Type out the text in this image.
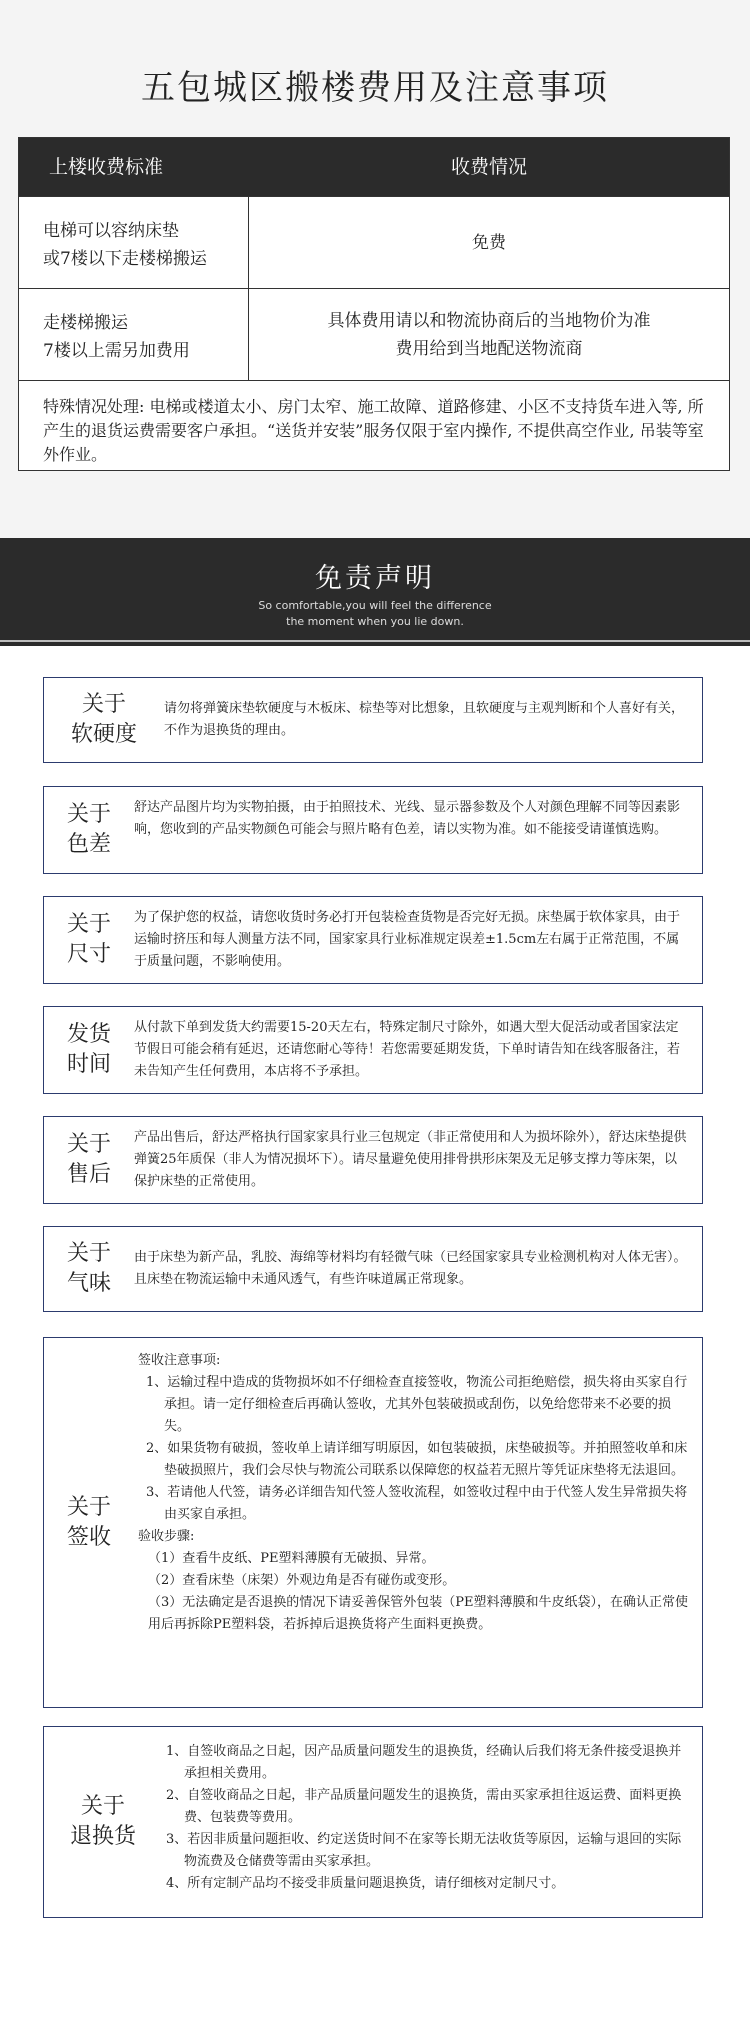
五包城区搬楼费用及注意事项
上楼收费标准	收费情况
电梯可以容纳床垫
或7楼以下走楼梯搬运
免费
走楼梯搬运
7楼以上需另加费用
具体费用请以和物流协商后的当地物价为准
费用给到当地配送物流商
特殊情况处理: 电梯或楼道太小、房门太窄、施工故障、道路修建、小区不支持货车进入等, 所产生的退货运费需要客户承担。“送货并安装”服务仅限于室内操作, 不提供高空作业, 吊装等室外作业。
免责声明
So comfortable,you will feel the difference
the moment when you lie down.
关于
软硬度
请勿将弹簧床垫软硬度与木板床、棕垫等对比想象，且软硬度与主观判断和个人喜好有关，不作为退换货的理由。
关于
色差
舒达产品图片均为实物拍摄，由于拍照技术、光线、显示器参数及个人对颜色理解不同等因素影响，您收到的产品实物颜色可能会与照片略有色差，请以实物为准。如不能接受请谨慎选购。
关于
尺寸
为了保护您的权益，请您收货时务必打开包装检查货物是否完好无损。床垫属于软体家具，由于运输时挤压和每人测量方法不同，国家家具行业标准规定误差±1.5cm左右属于正常范围，不属于质量问题，不影响使用。
发货
时间
从付款下单到发货大约需要15-20天左右，特殊定制尺寸除外，如遇大型大促活动或者国家法定节假日可能会稍有延迟，还请您耐心等待！若您需要延期发货，下单时请告知在线客服备注，若未告知产生任何费用，本店将不予承担。
关于
售后
产品出售后，舒达严格执行国家家具行业三包规定（非正常使用和人为损坏除外），舒达床垫提供弹簧25年质保（非人为情况损坏下）。请尽量避免使用排骨拱形床架及无足够支撑力等床架，以保护床垫的正常使用。
关于
气味
由于床垫为新产品，乳胶、海绵等材料均有轻微气味（已经国家家具专业检测机构对人体无害）。且床垫在物流运输中未通风透气，有些许味道属正常现象。
关于
签收
签收注意事项:
1、运输过程中造成的货物损坏如不仔细检查直接签收，物流公司拒绝赔偿，损失将由买家自行承担。请一定仔细检查后再确认签收，尤其外包装破损或刮伤，以免给您带来不必要的损失。
2、如果货物有破损，签收单上请详细写明原因，如包装破损，床垫破损等。并拍照签收单和床垫破损照片，我们会尽快与物流公司联系以保障您的权益若无照片等凭证床垫将无法退回。
3、若请他人代签，请务必详细告知代签人签收流程，如签收过程中由于代签人发生异常损失将由买家自承担。
验收步骤:
（1）查看牛皮纸、PE塑料薄膜有无破损、异常。
（2）查看床垫（床架）外观边角是否有碰伤或变形。
（3）无法确定是否退换的情况下请妥善保管外包装（PE塑料薄膜和牛皮纸袋），在确认正常使用后再拆除PE塑料袋，若拆掉后退换货将产生面料更换费。
关于
退换货
1、自签收商品之日起，因产品质量问题发生的退换货，经确认后我们将无条件接受退换并承担相关费用。
2、自签收商品之日起，非产品质量问题发生的退换货，需由买家承担往返运费、面料更换费、包装费等费用。
3、若因非质量问题拒收、约定送货时间不在家等长期无法收货等原因，运输与退回的实际物流费及仓储费等需由买家承担。
4、所有定制产品均不接受非质量问题退换货，请仔细核对定制尺寸。
